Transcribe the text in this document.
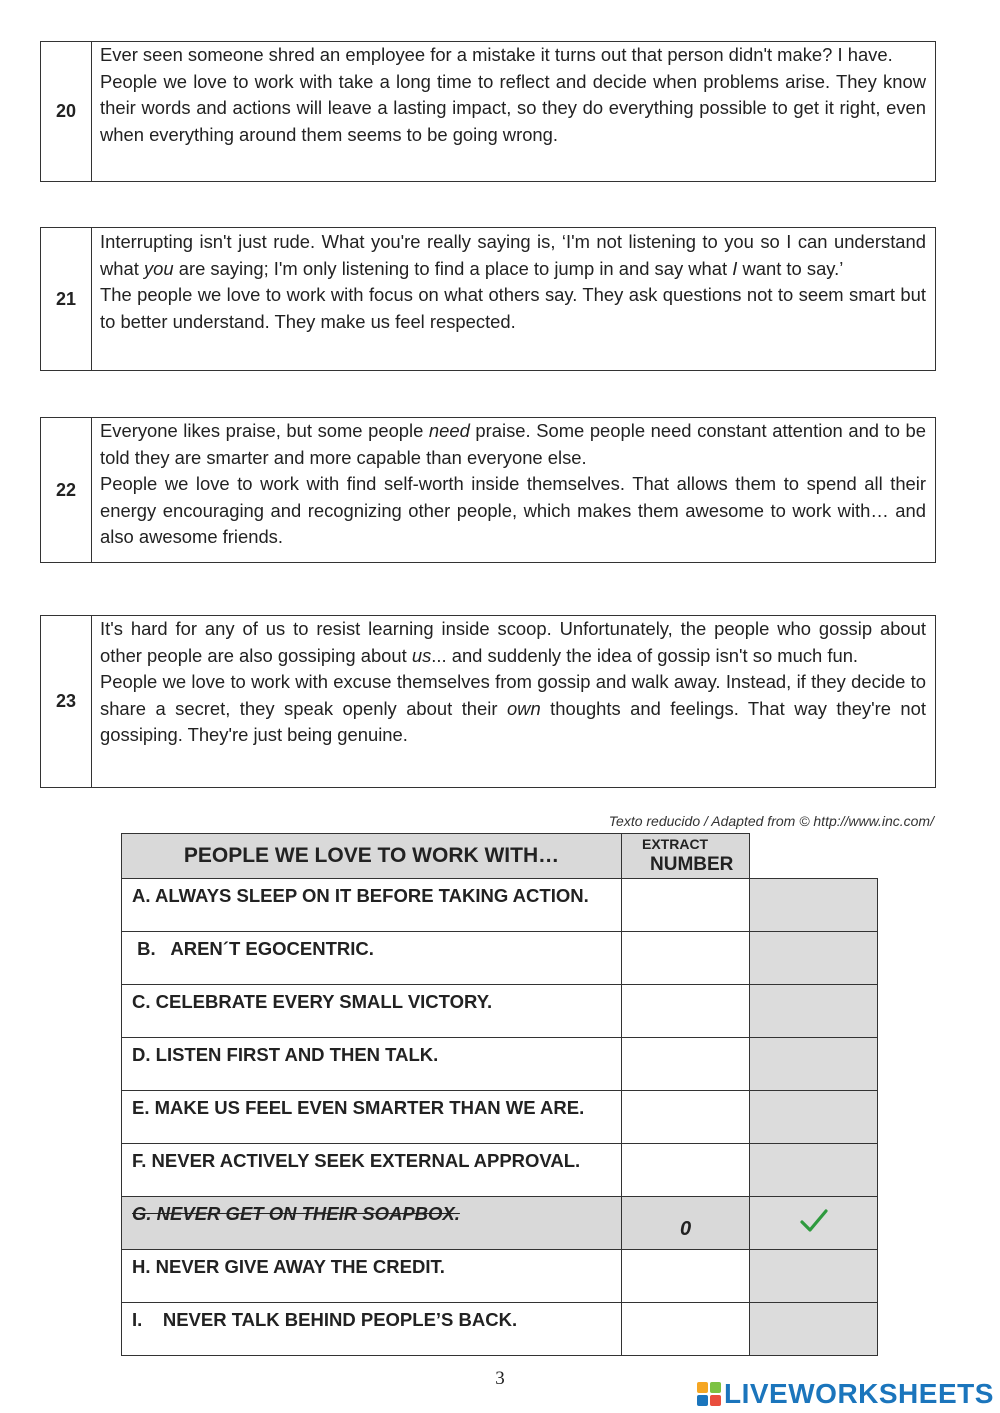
20

Ever seen someone shred an employee for a mistake it turns out that person didn't make? I have.

People we love to work with take a long time to reflect and decide when problems arise. They know their words and actions will leave a lasting impact, so they do everything possible to get it right, even when everything around them seems to be going wrong.

21

Interrupting isn't just rude. What you're really saying is, ‘I'm not listening to you so I can understand what you are saying; I'm only listening to find a place to jump in and say what I want to say.’

The people we love to work with focus on what others say. They ask questions not to seem smart but to better understand. They make us feel respected.

22

Everyone likes praise, but some people need praise. Some people need constant attention and to be told they are smarter and more capable than everyone else.

People we love to work with find self-worth inside themselves. That allows them to spend all their energy encouraging and recognizing other people, which makes them awesome to work with… and also awesome friends.

23

It's hard for any of us to resist learning inside scoop. Unfortunately, the people who gossip about other people are also gossiping about us... and suddenly the idea of gossip isn't so much fun.

People we love to work with excuse themselves from gossip and walk away. Instead, if they decide to share a secret, they speak openly about their own thoughts and feelings. That way they're not gossiping. They're just being genuine.

Texto reducido / Adapted from © http://www.inc.com/
PEOPLE WE LOVE TO WORK WITH…	EXTRACT
NUMBER	

A. ALWAYS SLEEP ON IT BEFORE TAKING ACTION.		
B.   AREN´T EGOCENTRIC.		
C. CELEBRATE EVERY SMALL VICTORY.		
D. LISTEN FIRST AND THEN TALK.		
E. MAKE US FEEL EVEN SMARTER THAN WE ARE.		
F. NEVER ACTIVELY SEEK EXTERNAL APPROVAL.		
G. NEVER GET ON THEIR SOAPBOX.	0	
H. NEVER GIVE AWAY THE CREDIT.		
I.    NEVER TALK BEHIND PEOPLE’S BACK.		
3	LIVEWORKSHEETS
